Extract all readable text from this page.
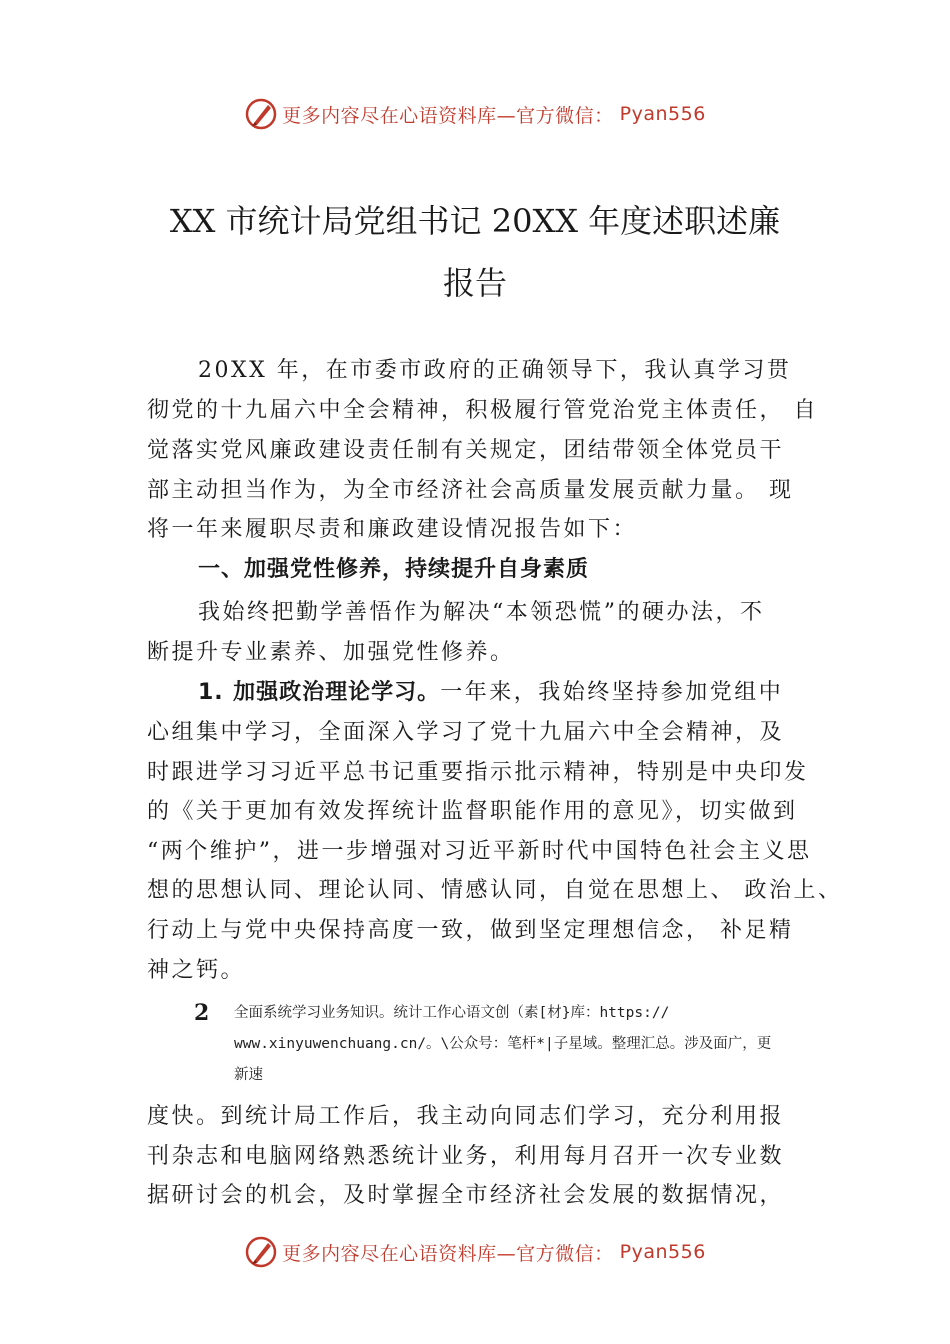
更多内容尽在心语资料库—官方微信： Pyan556
XX 市统计局党组书记 20XX 年度述职述廉
报告
20XX 年，在市委市政府的正确领导下，我认真学习贯
彻党的十九届六中全会精神，积极履行管党治党主体责任， 自
觉落实党风廉政建设责任制有关规定，团结带领全体党员干
部主动担当作为，为全市经济社会高质量发展贡献力量。 现
将一年来履职尽责和廉政建设情况报告如下：
一、加强党性修养，持续提升自身素质
我始终把勤学善悟作为解决“本领恐慌”的硬办法，不
断提升专业素养、加强党性修养。
1. 加强政治理论学习。一年来，我始终坚持参加党组中
心组集中学习，全面深入学习了党十九届六中全会精神，及
时跟进学习习近平总书记重要指示批示精神，特别是中央印发
的《关于更加有效发挥统计监督职能作用的意见》，切实做到
“两个维护”，进一步增强对习近平新时代中国特色社会主义思
想的思想认同、理论认同、情感认同，自觉在思想上、 政治上、
行动上与党中央保持高度一致，做到坚定理想信念， 补足精
神之钙。
2 全面系统学习业务知识。统计工作心语文创（素[材}库：https://
www.xinyuwenchuang.cn/。\公众号：笔杆*|子星域。整理汇总。涉及面广，更
新速
度快。到统计局工作后，我主动向同志们学习，充分利用报
刊杂志和电脑网络熟悉统计业务，利用每月召开一次专业数
据研讨会的机会，及时掌握全市经济社会发展的数据情况，
更多内容尽在心语资料库—官方微信： Pyan556
